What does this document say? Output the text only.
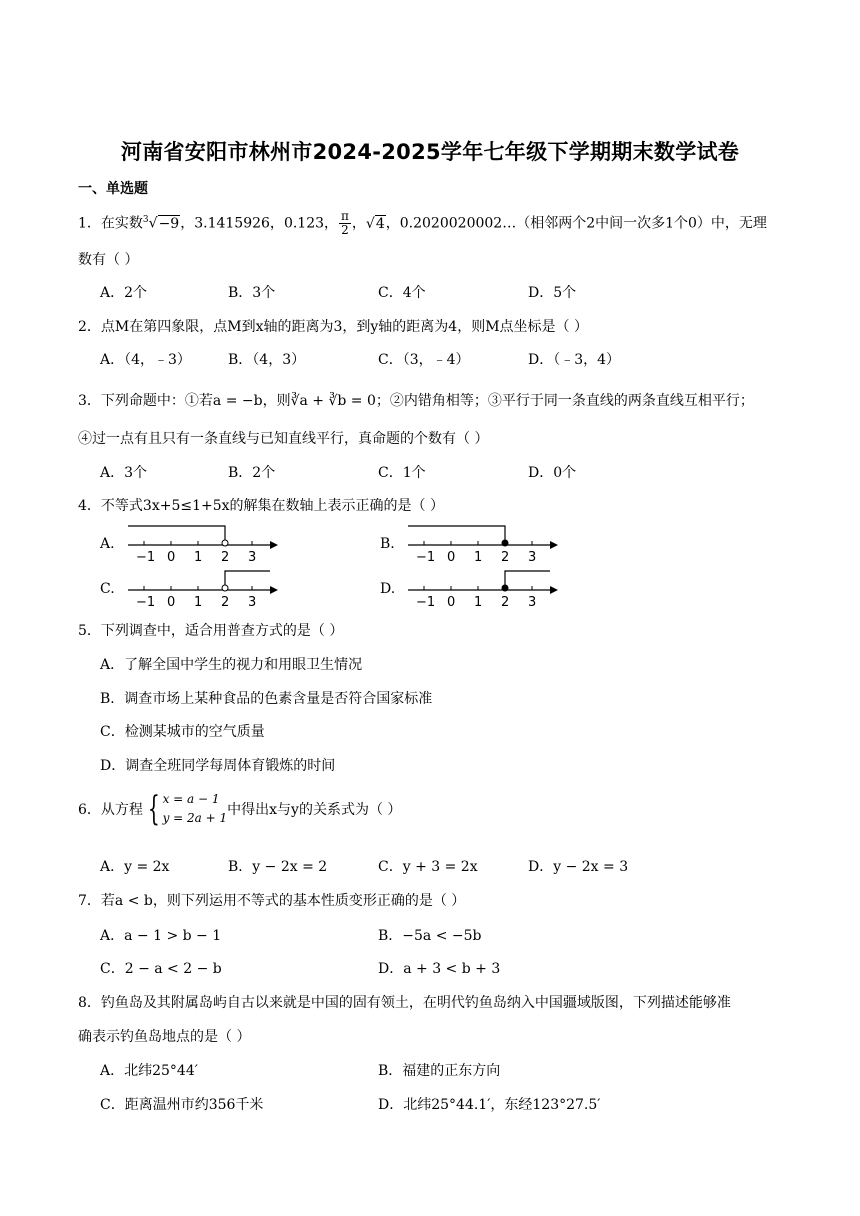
河南省安阳市林州市2024-2025学年七年级下学期期末数学试卷
一、单选题
1．在实数$^3$√−9，3.1415926，0.123， $\frac{\pi}{2}$ ，√4，0.2020020002…（相邻两个2中间一次多1个0）中，无理
数有（ ）
A．2个	B．3个	C．4个	D．5个
2．点M在第四象限，点M到x轴的距离为3，到y轴的距离为4，则M点坐标是（ ）
A．（4，﹣3）	B．（4，3）	C．（3，﹣4）	D．（﹣3，4）
3．下列命题中：①若a = −b，则∛a + ∛b = 0；②内错角相等；③平行于同一条直线的两条直线互相平行；
④过一点有且只有一条直线与已知直线平行，真命题的个数有（ ）
A．3个	B．2个	C．1个	D．0个
4．不等式3x+5≤1+5x的解集在数轴上表示正确的是（ ）
A.	B.
C.	D.
−1 0 1 2 3	−1 0 1 2 3
−1 0 1 2 3	−1 0 1 2 3
5．下列调查中，适合用普查方式的是（ ）
A．了解全国中学生的视力和用眼卫生情况
B．调查市场上某种食品的色素含量是否符合国家标准
C．检测某城市的空气质量
D．调查全班同学每周体育锻炼的时间
6．从方程 { x = a − 1
y = 2a + 1 中得出x与y的关系式为（ ）
A．y = 2x	B．y − 2x = 2	C．y + 3 = 2x	D．y − 2x = 3
7．若a < b，则下列运用不等式的基本性质变形正确的是（ ）
A．a − 1 > b − 1	B．−5a < −5b
C．2 − a < 2 − b	D．a + 3 < b + 3
8．钓鱼岛及其附属岛屿自古以来就是中国的固有领土，在明代钓鱼岛纳入中国疆域版图，下列描述能够准
确表示钓鱼岛地点的是（ ）
A．北纬25°44′	B．福建的正东方向
C．距离温州市约356千米	D．北纬25°44.1′，东经123°27.5′
